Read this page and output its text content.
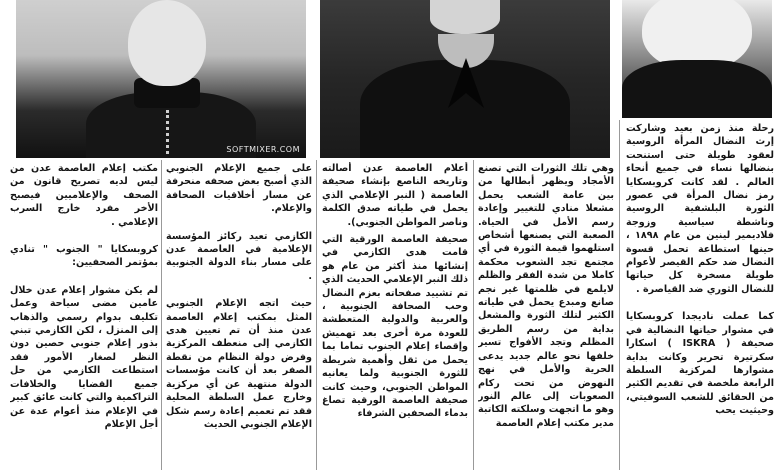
SOFTMIXER.COM

رحلة منذ زمن بعيد وشاركت إرث النضال المرأة الروسية لعقود طويلة حتى استنحت بنضالها نساء في جميع أنحاء العالم . لقد كانت كروبسكايا رمز نضال المرأة في عصور الثورة البلشفية الروسية وناشطة سياسية وزوجة فلاديمير لينين من عام ١٨٩٨ ، حينها استطاعة تحمل قسوة النضال ضد حكم القيصر لأعوام طويلة مسخرة كل حياتها للنضال الثوري ضد القياصرة .

كما عملت ناديجدا كروبسكايا في مشوار حياتها النضالية في صحيفة ( ISKRA ) اسكارا سكرتيرة تحرير وكانت بداية مشوارها لمركزية السلطة الرابعة ملخصة في تقديم الكثير من الحقائق للشعب السوفيتي، وحيثيت يحب

وهي تلك الثورات التي تصنع الأمجاد ويظهر أبطالها من بين عامة الشعب يحمل مشعلا منادي للتغيير وإعادة رسم الأمل في الحياة. الصعبة التي يصنعها أشخاص استلهموا قيمة الثورة في أي مجتمع تجد الشعوب محكمة كاملا من شدة الفقر والظلم لايلمع في ظلمتها غير نجم صانع ومبدع يحمل في طياته الكثير لتلك الثورة والمشعل بداية من رسم الطريق المظلم وتجد الأفواج تسير خلفها نحو عالم جديد يدعى الحرية والأمل في نهج النهوض من تحت ركام الصعوبات إلى عالم النور وهو ما اتجهت وسلكته الكاتبة مدير مكتب إعلام العاصمة

أعلام العاصمة عدن أصالته وتاريخه الناصع بإنشاء صحيفة العاصمة ( النبر الإعلامي الذي يحمل في طياته صدق الكلمة وناصر المواطن الجنوبي).

صحيفة العاصمة الورقية التي قامت هدى الكازمي في إنشائها منذ أكثر من عام هو ذلك النبر الإعلامي الحديث الذي تم تشييد صفحاته بعزم النضال وحب الصحافة الجنوبية ، والعربية والدولية المتعطشة للعودة مرة أخرى بعد تهميش وإقصاء إعلام الجنوب تماما بما يحمل من ثقل وأهمية شريطة للثورة الجنوبية ولما يعانيه المواطن الجنوبي، وحيث كانت صحيفة العاصمة الورقية تصاغ بدماء الصحفين الشرفاء

على جميع الإعلام الجنوبي الذي أصبح بعض صحفه منحرفة عن مسار أخلاقيات الصحافة والإعلام.

الكازمي تعيد ركائز المؤسسة الإعلامية في العاصمة عدن على مسار بناء الدولة الجنوبية .

حيث اتجه الإعلام الجنوبي المثل بمكتب إعلام العاصمة عدن منذ أن تم تعيين هدى الكازمي إلى منعطف المركزية وفرض دولة النظام من نقطة الصفر بعد أن كانت مؤسسات الدولة منتهية عن أي مركزية وخارج عمل السلطة المحلية فقد تم تعميم إعادة رسم شكل الإعلام الجنوبي الحديث

مكتب إعلام العاصمة عدن من ليس لديه تصريح قانون من الصحف والإعلاميين فيصبح الأخر مفرد خارج السرب الإعلامي .

كروبسكايا " الجنوب " تنادي بمؤتمر الصحفيين:

لم يكن مشوار إعلام عدن خلال عامين مضى سياحة وعمل تكليف بدوام رسمي والذهاب إلى المنزل ، لكن الكازمي تبني بذور إعلام جنوبي حصين دون النظر لصغار الأمور فقد استطاعت الكازمي من حل جميع القضايا والخلافات التراكمية والتي كانت عائق كبير في الإعلام منذ أعوام عدة عن أجل الإعلام
